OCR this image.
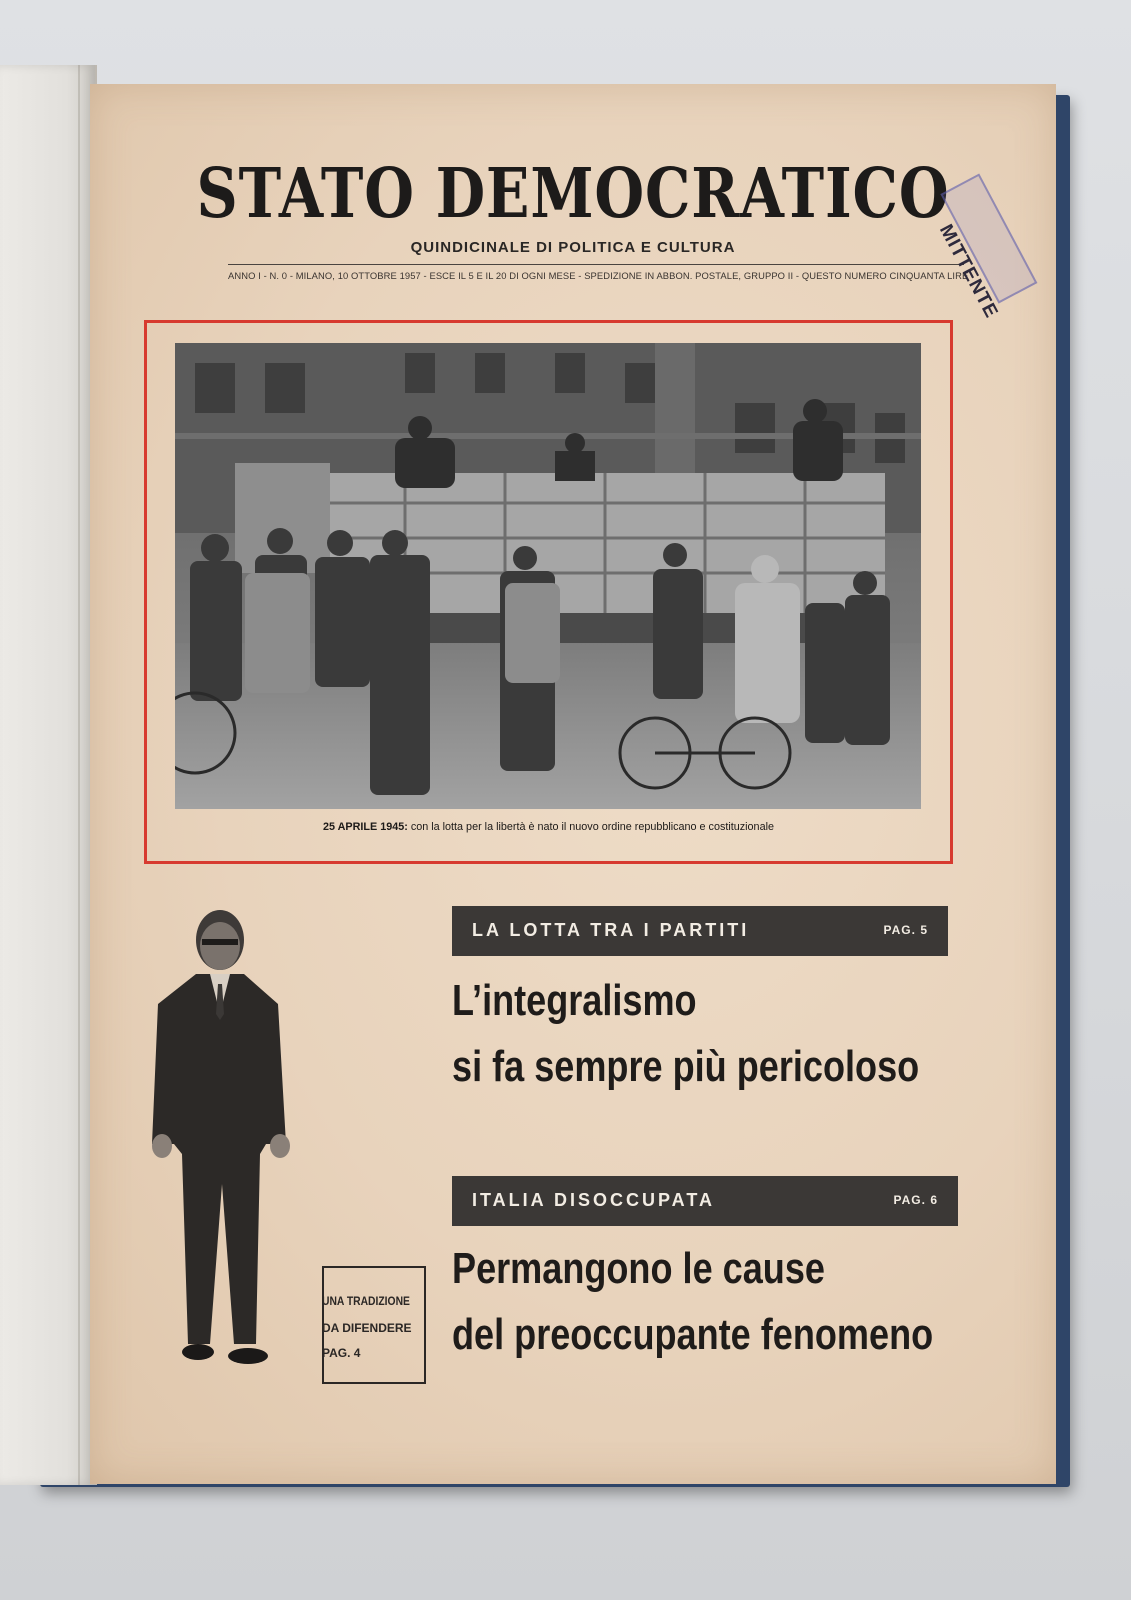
STATO DEMOCRATICO
QUINDICINALE DI POLITICA E CULTURA
ANNO I - N. 0 - MILANO, 10 OTTOBRE 1957 - ESCE IL 5 E IL 20 DI OGNI MESE - SPEDIZIONE IN ABBON. POSTALE, GRUPPO II - QUESTO NUMERO CINQUANTA LIRE
MITTENTE
25 APRILE 1945: con la lotta per la libertà è nato il nuovo ordine repubblicano e costituzionale
LA LOTTA TRA I PARTITI	PAG. 5
L’integralismo
si fa sempre più pericoloso
ITALIA DISOCCUPATA	PAG. 6
Permangono le cause
del preoccupante fenomeno
UNA TRADIZIONE
DA DIFENDERE
PAG. 4
